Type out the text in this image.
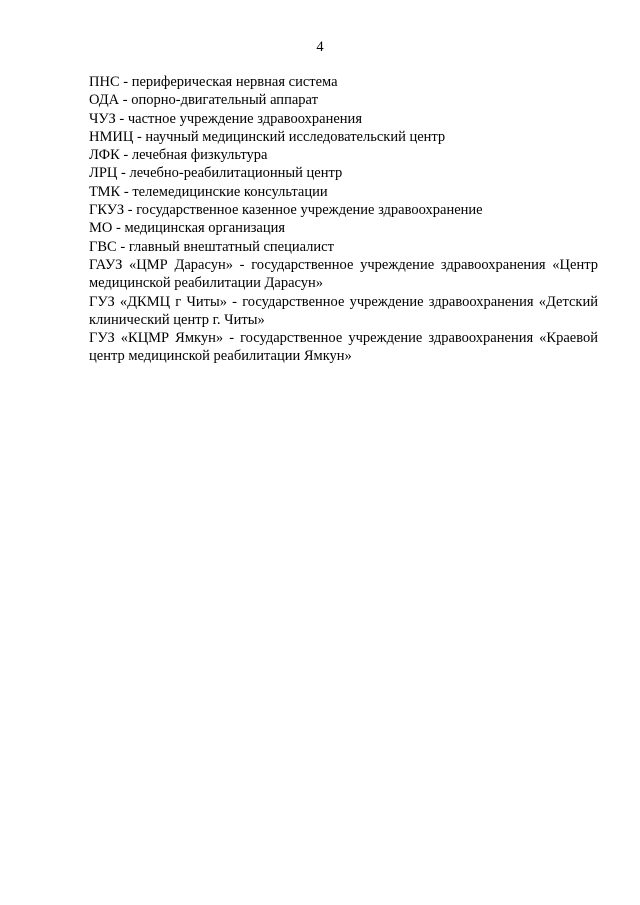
4
ПНС - периферическая нервная система
ОДА - опорно-двигательный аппарат
ЧУЗ - частное учреждение здравоохранения
НМИЦ - научный медицинский исследовательский центр
ЛФК - лечебная физкультура
ЛРЦ - лечебно-реабилитационный центр
ТМК - телемедицинские консультации
ГКУЗ - государственное казенное учреждение здравоохранение
МО - медицинская организация
ГВС - главный внештатный специалист
ГАУЗ «ЦМР Дарасун» - государственное учреждение здравоохранения «Центр медицинской реабилитации Дарасун»
ГУЗ «ДКМЦ г Читы» - государственное учреждение здравоохранения «Детский клинический центр г. Читы»
ГУЗ «КЦМР Ямкун» - государственное учреждение здравоохранения «Краевой центр медицинской реабилитации Ямкун»
